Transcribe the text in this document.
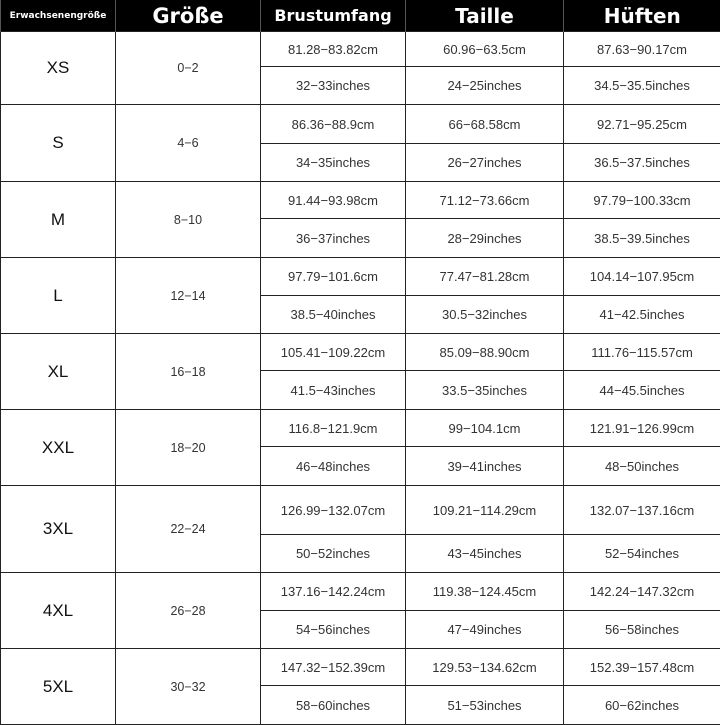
Erwachsenengröße	Größe	Brustumfang	Taille	Hüften
XS	0−2	81.28−83.82cm	60.96−63.5cm	87.63−90.17cm
		32−33inches	24−25inches	34.5−35.5inches
S	4−6	86.36−88.9cm	66−68.58cm	92.71−95.25cm
		34−35inches	26−27inches	36.5−37.5inches
M	8−10	91.44−93.98cm	71.12−73.66cm	97.79−100.33cm
		36−37inches	28−29inches	38.5−39.5inches
L	12−14	97.79−101.6cm	77.47−81.28cm	104.14−107.95cm
		38.5−40inches	30.5−32inches	41−42.5inches
XL	16−18	105.41−109.22cm	85.09−88.90cm	111.76−115.57cm
		41.5−43inches	33.5−35inches	44−45.5inches
XXL	18−20	116.8−121.9cm	99−104.1cm	121.91−126.99cm
		46−48inches	39−41inches	48−50inches
3XL	22−24	126.99−132.07cm	109.21−114.29cm	132.07−137.16cm
		50−52inches	43−45inches	52−54inches
4XL	26−28	137.16−142.24cm	119.38−124.45cm	142.24−147.32cm
		54−56inches	47−49inches	56−58inches
5XL	30−32	147.32−152.39cm	129.53−134.62cm	152.39−157.48cm
		58−60inches	51−53inches	60−62inches
